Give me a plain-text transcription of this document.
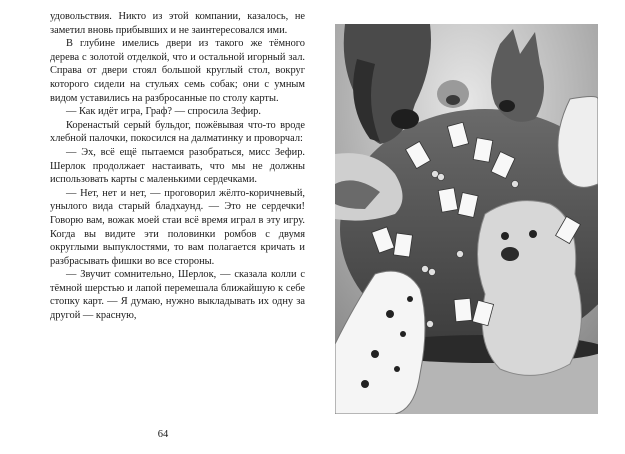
удовольствия. Никто из этой компании, казалось, не заметил вновь прибывших и не заинтересовался ими.

В глубине имелись двери из такого же тёмного дерева с золотой отделкой, что и остальной игорный зал. Справа от двери стоял большой круглый стол, вокруг которого сидели на стульях семь собак; они с умным видом уставились на разбросанные по столу карты.

— Как идёт игра, Граф? — спросила Зефир.

Коренастый серый бульдог, пожёвывая что-то вроде хлебной палочки, покосился на далматинку и проворчал:

— Эх, всё ещё пытаемся разобраться, мисс Зефир. Шерлок продолжает настаивать, что мы не должны использовать карты с маленькими сердечками.

— Нет, нет и нет, — проговорил жёлто-коричневый, унылого вида старый бладхаунд. — Это не сердечки! Говорю вам, вожак моей стаи всё время играл в эту игру. Когда вы видите эти половинки ромбов с двумя округлыми выпуклостями, то вам полагается кричать и разбрасывать фишки во все стороны.

— Звучит сомнительно, Шерлок, — сказала колли с тёмной шерстью и лапой перемешала ближайшую к себе стопку карт. — Я думаю, нужно выкладывать их одну за другой — красную,

64
